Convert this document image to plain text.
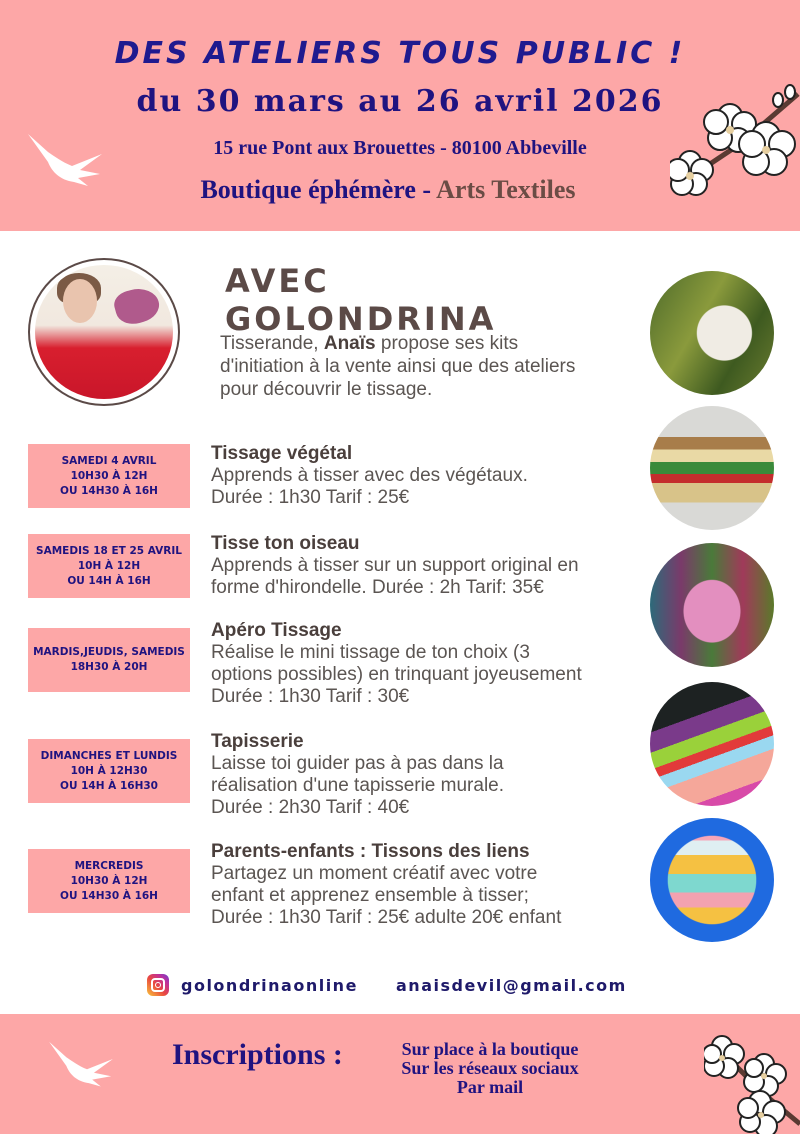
DES ATELIERS TOUS PUBLIC !
du 30 mars au 26 avril 2026
15 rue Pont aux Brouettes - 80100 Abbeville
Boutique éphémère - Arts Textiles
AVEC GOLONDRINA
Tisserande, Anaïs propose ses kits d'initiation à la vente ainsi que des ateliers pour découvrir le tissage.
SAMEDI 4 AVRIL
10H30 À 12H
OU 14H30 À 16H
Tissage végétal
Apprends à tisser avec des végétaux.
Durée : 1h30 Tarif : 25€
SAMEDIS 18 ET 25 AVRIL
10H À 12H
OU 14H À 16H
Tisse ton oiseau
Apprends à tisser sur un support original en
forme d'hirondelle. Durée : 2h Tarif: 35€
MARDIS,JEUDIS, SAMEDIS
18H30 À 20H
Apéro Tissage
Réalise le mini tissage de ton choix (3
options possibles) en trinquant joyeusement
Durée : 1h30 Tarif : 30€
DIMANCHES ET LUNDIS
10H À 12H30
OU 14H À 16H30
Tapisserie
Laisse toi guider pas à pas dans la
réalisation d'une tapisserie murale.
Durée : 2h30 Tarif : 40€
MERCREDIS
10H30 À 12H
OU 14H30 À 16H
Parents-enfants : Tissons des liens
Partagez un moment créatif avec votre
enfant et apprenez ensemble à tisser;
Durée : 1h30 Tarif : 25€ adulte 20€ enfant
golondrinaonline anaisdevil@gmail.com
Inscriptions :	Sur place à la boutique
Sur les réseaux sociaux
Par mail
